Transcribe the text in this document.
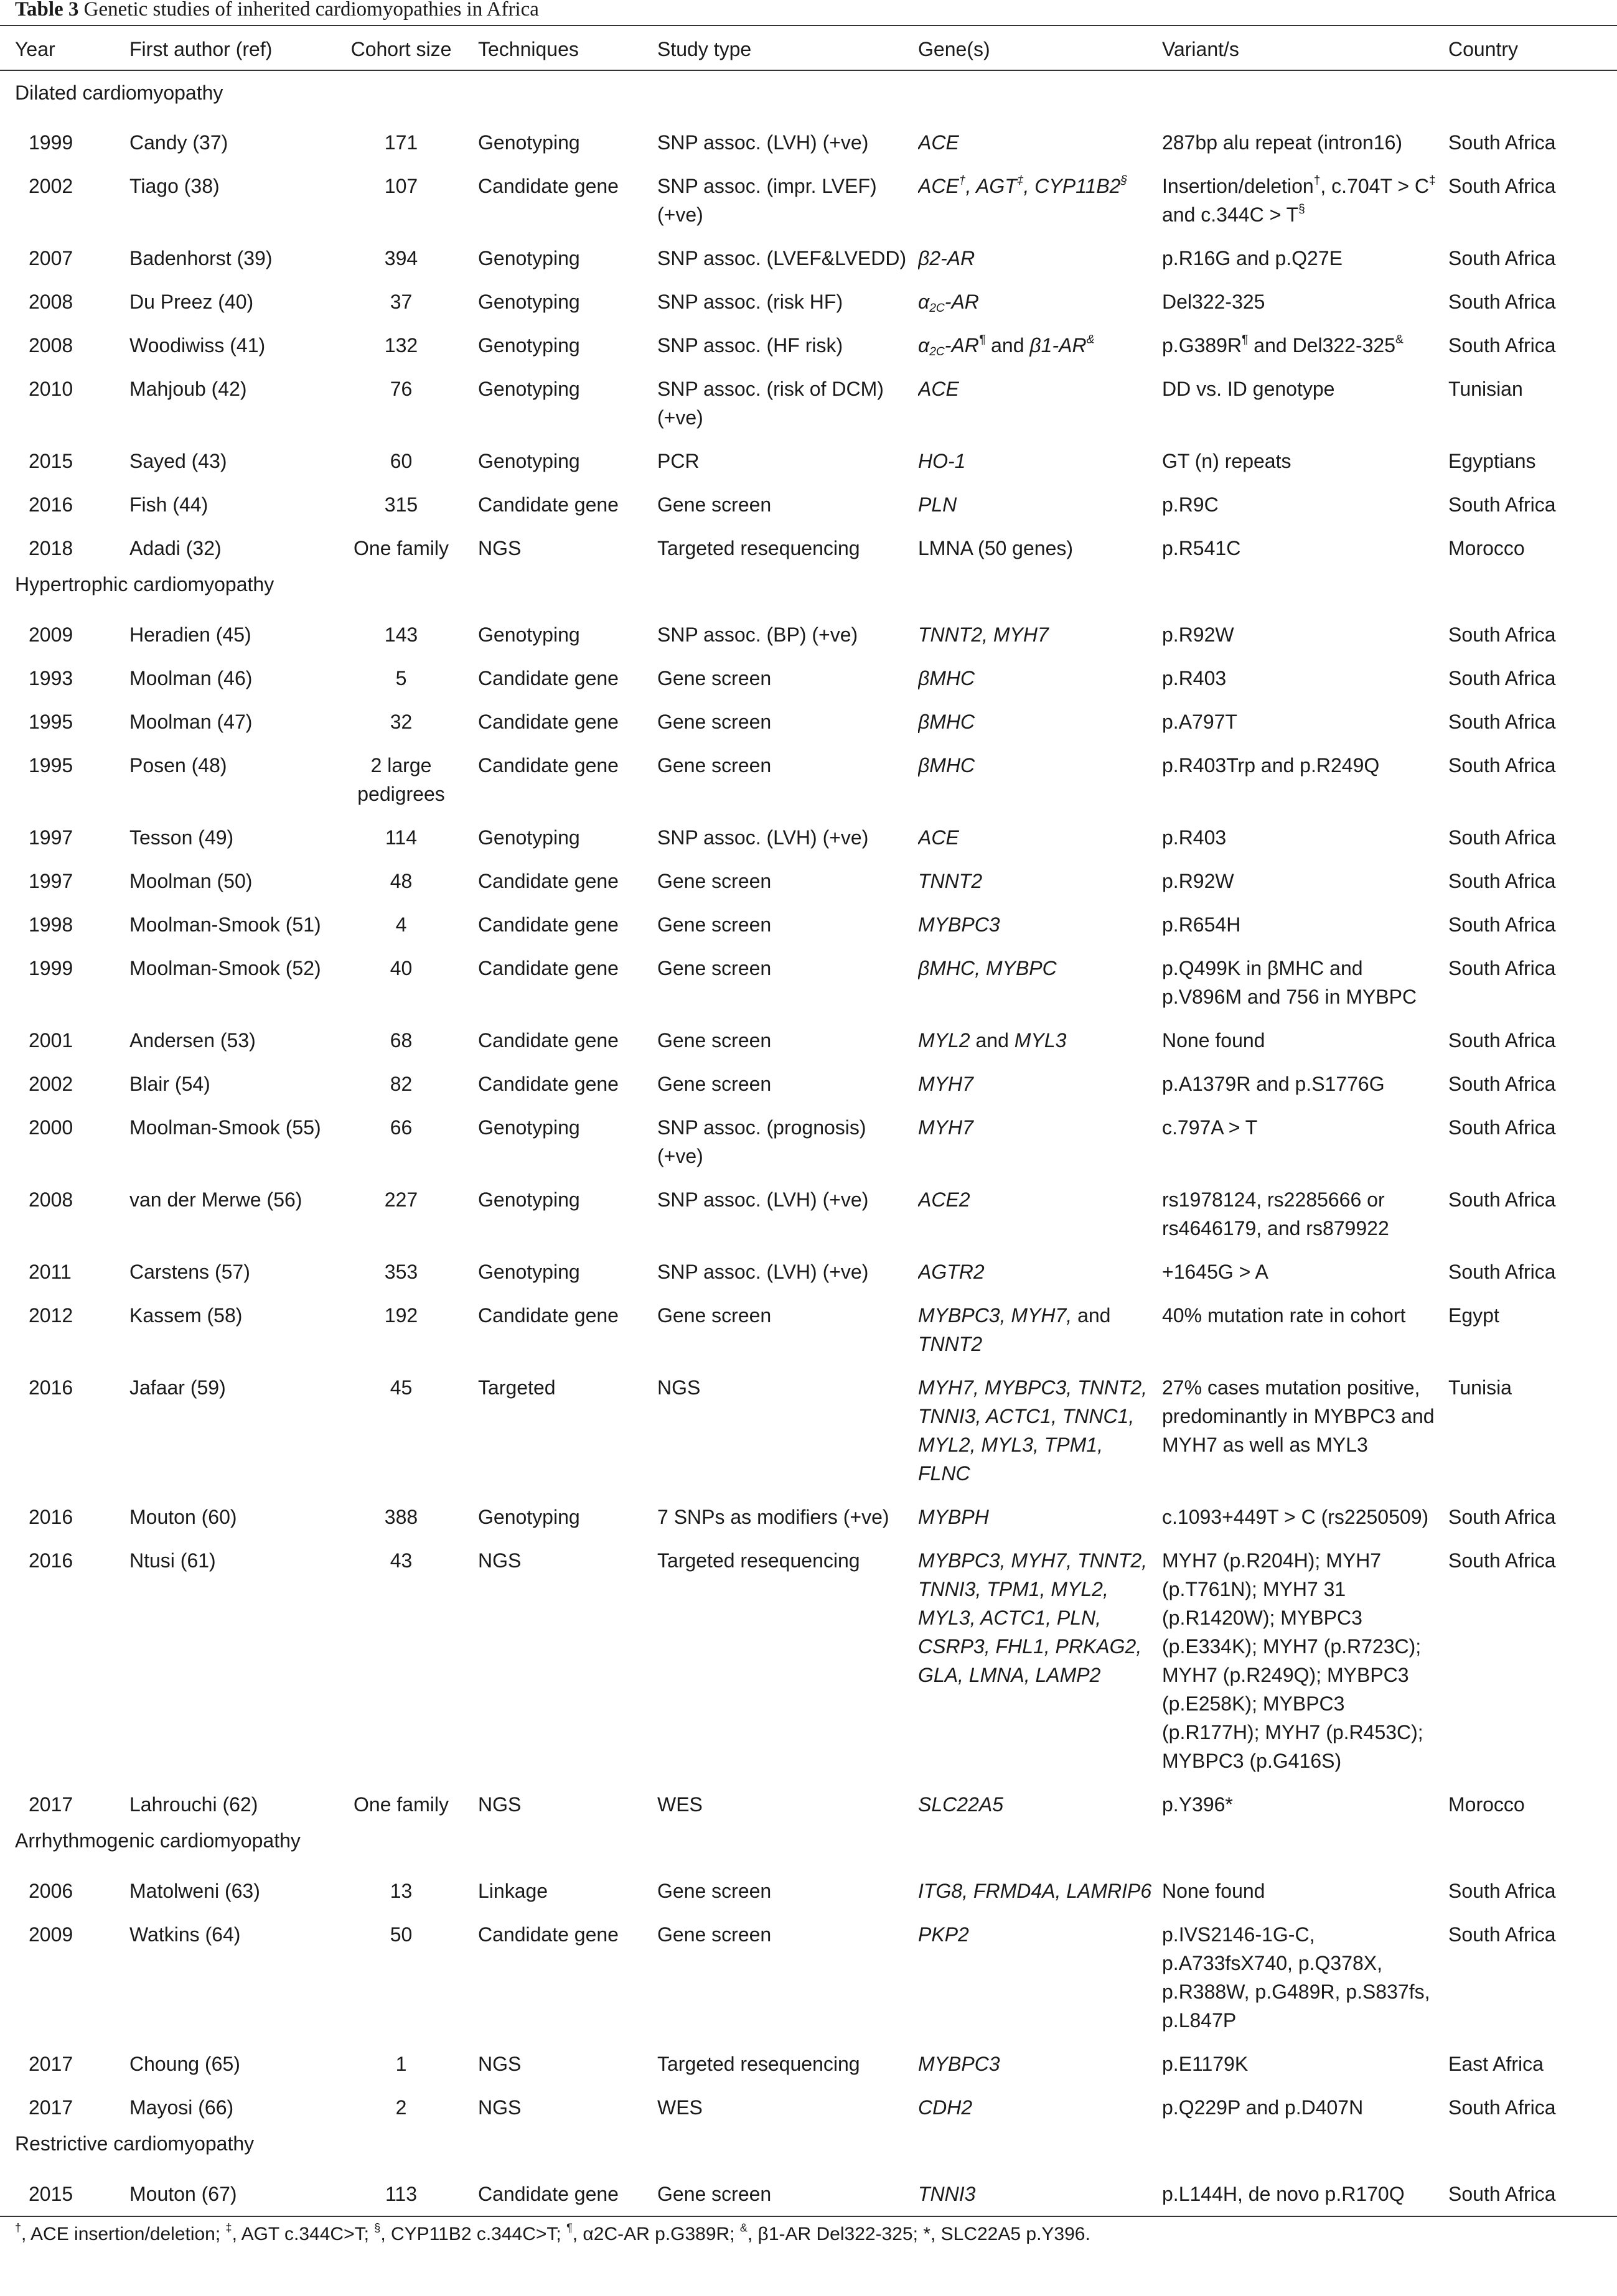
Table 3 Genetic studies of inherited cardiomyopathies in Africa
Year	First author (ref)	Cohort size	Techniques	Study type	Gene(s)	Variant/s	Country
Dilated cardiomyopathy							
1999	Candy (37)	171	Genotyping	SNP assoc. (LVH) (+ve)	ACE	287bp alu repeat (intron16)	South Africa
2002	Tiago (38)	107	Candidate gene	SNP assoc. (impr. LVEF) (+ve)	ACE†, AGT‡, CYP11B2§	Insertion/deletion†, c.704T > C‡ and c.344C > T§	South Africa
2007	Badenhorst (39)	394	Genotyping	SNP assoc. (LVEF&LVEDD)	β2-AR	p.R16G and p.Q27E	South Africa
2008	Du Preez (40)	37	Genotyping	SNP assoc. (risk HF)	$\alpha_{2C}-AR$	Del322-325	South Africa
2008	Woodiwiss (41)	132	Genotyping	SNP assoc. (HF risk)	$\alpha_{2C}-AR^\P$ and β1-AR&	p.G389R¶ and Del322-325&	South Africa
2010	Mahjoub (42)	76	Genotyping	SNP assoc. (risk of DCM) (+ve)	ACE	DD vs. ID genotype	Tunisian
2015	Sayed (43)	60	Genotyping	PCR	HO-1	GT (n) repeats	Egyptians
2016	Fish (44)	315	Candidate gene	Gene screen	PLN	p.R9C	South Africa
2018	Adadi (32)	One family	NGS	Targeted resequencing	LMNA (50 genes)	p.R541C	Morocco
Hypertrophic cardiomyopathy							
2009	Heradien (45)	143	Genotyping	SNP assoc. (BP) (+ve)	TNNT2, MYH7	p.R92W	South Africa
1993	Moolman (46)	5	Candidate gene	Gene screen	βMHC	p.R403	South Africa
1995	Moolman (47)	32	Candidate gene	Gene screen	βMHC	p.A797T	South Africa
1995	Posen (48)	2 large pedigrees	Candidate gene	Gene screen	βMHC	p.R403Trp and p.R249Q	South Africa
1997	Tesson (49)	114	Genotyping	SNP assoc. (LVH) (+ve)	ACE	p.R403	South Africa
1997	Moolman (50)	48	Candidate gene	Gene screen	TNNT2	p.R92W	South Africa
1998	Moolman-Smook (51)	4	Candidate gene	Gene screen	MYBPC3	p.R654H	South Africa
1999	Moolman-Smook (52)	40	Candidate gene	Gene screen	βMHC, MYBPC	p.Q499K in βMHC and p.V896M and 756 in MYBPC	South Africa
2001	Andersen (53)	68	Candidate gene	Gene screen	MYL2 and MYL3	None found	South Africa
2002	Blair (54)	82	Candidate gene	Gene screen	MYH7	p.A1379R and p.S1776G	South Africa
2000	Moolman-Smook (55)	66	Genotyping	SNP assoc. (prognosis) (+ve)	MYH7	c.797A > T	South Africa
2008	van der Merwe (56)	227	Genotyping	SNP assoc. (LVH) (+ve)	ACE2	rs1978124, rs2285666 or rs4646179, and rs879922	South Africa
2011	Carstens (57)	353	Genotyping	SNP assoc. (LVH) (+ve)	AGTR2	+1645G > A	South Africa
2012	Kassem (58)	192	Candidate gene	Gene screen	MYBPC3, MYH7, and TNNT2	40% mutation rate in cohort	Egypt
2016	Jafaar (59)	45	Targeted	NGS	MYH7, MYBPC3, TNNT2, TNNI3, ACTC1, TNNC1, MYL2, MYL3, TPM1, FLNC	27% cases mutation positive, predominantly in MYBPC3 and MYH7 as well as MYL3	Tunisia
2016	Mouton (60)	388	Genotyping	7 SNPs as modifiers (+ve)	MYBPH	c.1093+449T > C (rs2250509)	South Africa
2016	Ntusi (61)	43	NGS	Targeted resequencing	MYBPC3, MYH7, TNNT2, TNNI3, TPM1, MYL2, MYL3, ACTC1, PLN, CSRP3, FHL1, PRKAG2, GLA, LMNA, LAMP2	MYH7 (p.R204H); MYH7 (p.T761N); MYH7 31 (p.R1420W); MYBPC3 (p.E334K); MYH7 (p.R723C); MYH7 (p.R249Q); MYBPC3 (p.E258K); MYBPC3 (p.R177H); MYH7 (p.R453C); MYBPC3 (p.G416S)	South Africa
2017	Lahrouchi (62)	One family	NGS	WES	SLC22A5	p.Y396*	Morocco
Arrhythmogenic cardiomyopathy							
2006	Matolweni (63)	13	Linkage	Gene screen	ITG8, FRMD4A, LAMRIP6	None found	South Africa
2009	Watkins (64)	50	Candidate gene	Gene screen	PKP2	p.IVS2146-1G-C, p.A733fsX740, p.Q378X, p.R388W, p.G489R, p.S837fs, p.L847P	South Africa
2017	Choung (65)	1	NGS	Targeted resequencing	MYBPC3	p.E1179K	East Africa
2017	Mayosi (66)	2	NGS	WES	CDH2	p.Q229P and p.D407N	South Africa
Restrictive cardiomyopathy							
2015	Mouton (67)	113	Candidate gene	Gene screen	TNNI3	p.L144H, de novo p.R170Q	South Africa
†, ACE insertion/deletion; ‡, AGT c.344C>T; §, CYP11B2 c.344C>T; ¶, α2C-AR p.G389R; &, β1-AR Del322-325; *, SLC22A5 p.Y396.
